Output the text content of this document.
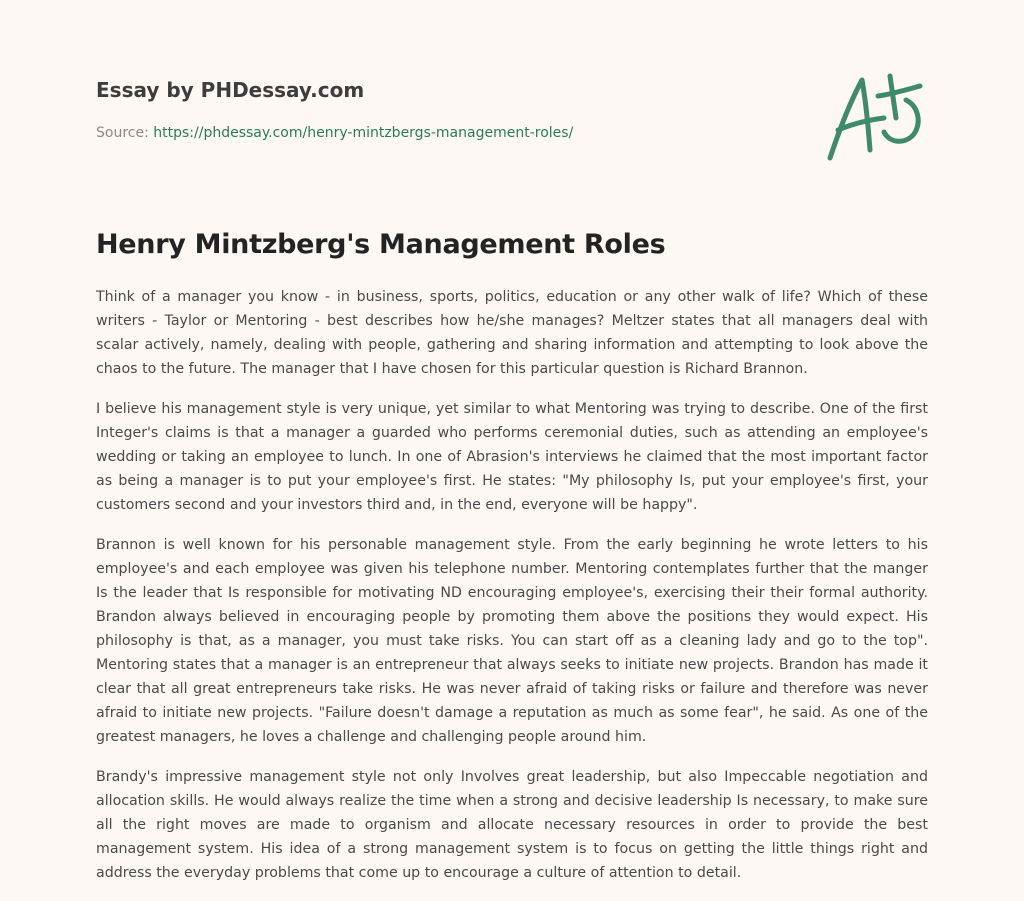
Essay by PHDessay.com
Source: https://phdessay.com/henry-mintzbergs-management-roles/
Henry Mintzberg's Management Roles

Think of a manager you know - in business, sports, politics, education or any other walk of life? Which of these writers - Taylor or Mentoring - best describes how he/she manages? Meltzer states that all managers deal with scalar actively, namely, dealing with people, gathering and sharing information and attempting to look above the chaos to the future. The manager that I have chosen for this particular question is Richard Brannon.

I believe his management style is very unique, yet similar to what Mentoring was trying to describe. One of the first Integer's claims is that a manager a guarded who performs ceremonial duties, such as attending an employee's wedding or taking an employee to lunch. In one of Abrasion's interviews he claimed that the most important factor as being a manager is to put your employee's first. He states: "My philosophy Is, put your employee's first, your customers second and your investors third and, in the end, everyone will be happy".

Brannon is well known for his personable management style. From the early beginning he wrote letters to his employee's and each employee was given his telephone number. Mentoring contemplates further that the manger Is the leader that Is responsible for motivating ND encouraging employee's, exercising their their formal authority. Brandon always believed in encouraging people by promoting them above the positions they would expect. His philosophy is that, as a manager, you must take risks. You can start off as a cleaning lady and go to the top". Mentoring states that a manager is an entrepreneur that always seeks to initiate new projects. Brandon has made it clear that all great entrepreneurs take risks. He was never afraid of taking risks or failure and therefore was never afraid to initiate new projects. "Failure doesn't damage a reputation as much as some fear", he said. As one of the greatest managers, he loves a challenge and challenging people around him.

Brandy's impressive management style not only Involves great leadership, but also Impeccable negotiation and allocation skills. He would always realize the time when a strong and decisive leadership Is necessary, to make sure all the right moves are made to organism and allocate necessary resources in order to provide the best management system. His idea of a strong management system is to focus on getting the little things right and address the everyday problems that come up to encourage a culture of attention to detail.
